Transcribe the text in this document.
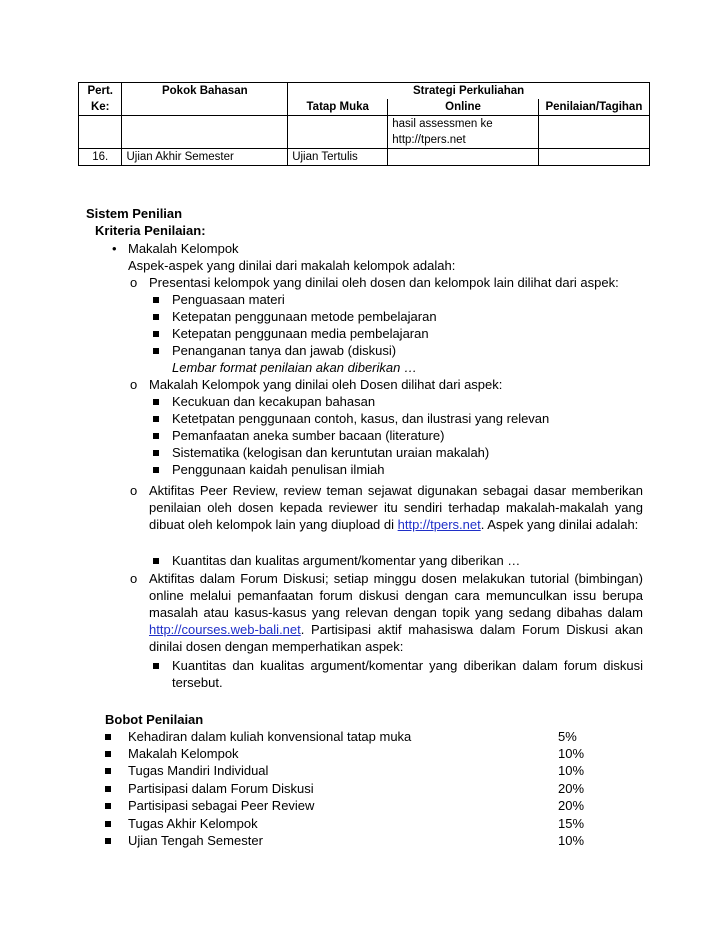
Pert.
Ke:	Pokok Bahasan	Strategi Perkuliahan		
		Tatap Muka	Online	Penilaian/Tagihan

			hasil assessmen ke
http://tpers.net	

16.	Ujian Akhir Semester	Ujian Tertulis		
Sistem Penilian
Kriteria Penilaian:
• Makalah Kelompok
Aspek-aspek yang dinilai dari makalah kelompok adalah:
o Presentasi kelompok yang dinilai oleh dosen dan kelompok lain dilihat dari aspek:
Penguasaan materi
Ketepatan penggunaan metode pembelajaran
Ketepatan penggunaan media pembelajaran
Penanganan tanya dan jawab (diskusi)
Lembar format penilaian akan diberikan …
o Makalah Kelompok yang dinilai oleh Dosen dilihat dari aspek:
Kecukuan dan kecakupan bahasan
Ketetpatan penggunaan contoh, kasus, dan ilustrasi yang relevan
Pemanfaatan aneka sumber bacaan (literature)
Sistematika (kelogisan dan keruntutan uraian makalah)
Penggunaan kaidah penulisan ilmiah
o Aktifitas Peer Review, review teman sejawat digunakan sebagai dasar memberikan penilaian oleh dosen kepada reviewer itu sendiri terhadap makalah-makalah yang dibuat oleh kelompok lain yang diupload di http://tpers.net. Aspek yang dinilai adalah:
Kuantitas dan kualitas argument/komentar yang diberikan …
o Aktifitas dalam Forum Diskusi; setiap minggu dosen melakukan tutorial (bimbingan) online melalui pemanfaatan forum diskusi dengan cara memunculkan issu berupa masalah atau kasus-kasus yang relevan dengan topik yang sedang dibahas dalam http://courses.web-bali.net. Partisipasi aktif mahasiswa dalam Forum Diskusi akan dinilai dosen dengan memperhatikan aspek:
Kuantitas dan kualitas argument/komentar yang diberikan dalam forum diskusi tersebut.
Bobot Penilaian
Kehadiran dalam kuliah konvensional tatap muka	5%
Makalah Kelompok	10%
Tugas Mandiri Individual	10%
Partisipasi dalam Forum Diskusi	20%
Partisipasi sebagai Peer Review	20%
Tugas Akhir Kelompok	15%
Ujian Tengah Semester	10%
